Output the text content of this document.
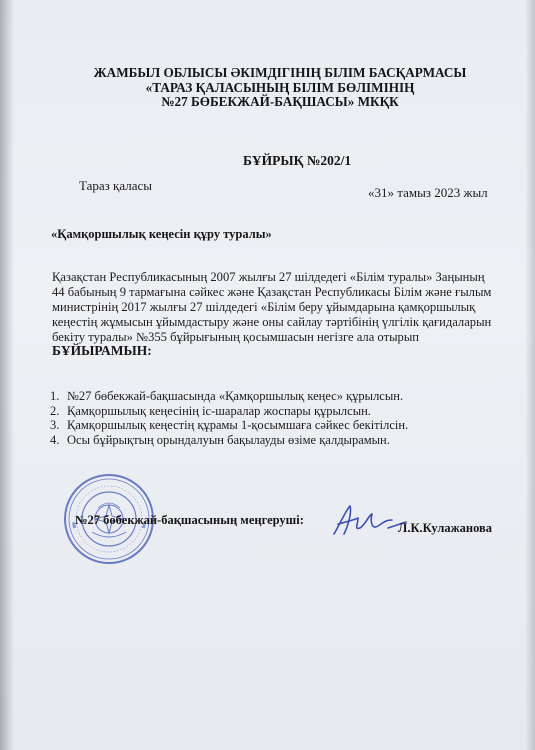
ЖАМБЫЛ ОБЛЫСЫ ӘКІМДІГІНІҢ БІЛІМ БАСҚАРМАСЫ
«ТАРАЗ ҚАЛАСЫНЫҢ БІЛІМ БӨЛІМІНІҢ
№27 БӨБЕКЖАЙ-БАҚШАСЫ» МКҚК
БҰЙРЫҚ №202/1
Тараз қаласы	«31» тамыз 2023 жыл
«Қамқоршылық кеңесін құру туралы»
Қазақстан Республикасының 2007 жылғы 27 шілдедегі «Білім туралы» Заңының
44 бабының 9 тармағына сәйкес және Қазақстан Республикасы Білім және ғылым
министрінің 2017 жылғы 27 шілдедегі «Білім беру ұйымдарына қамқоршылық
кеңестің жұмысын ұйымдастыру және оны сайлау тәртібінің үлгілік қағидаларын
бекіту туралы» №355 бұйрығының қосымшасын негізге ала отырып
БҰЙЫРАМЫН:
1. №27 бөбекжай-бақшасында «Қамқоршылық кеңес» құрылсын.
2. Қамқоршылық кеңесінің іс-шаралар жоспары құрылсын.
3. Қамқоршылық кеңестің құрамы 1-қосымшаға сәйкес бекітілсін.
4. Осы бұйрықтың орындалуын бақылауды өзіме қалдырамын.
№27 бөбекжай-бақшасының меңгеруші:
Л.К.Кулажанова
